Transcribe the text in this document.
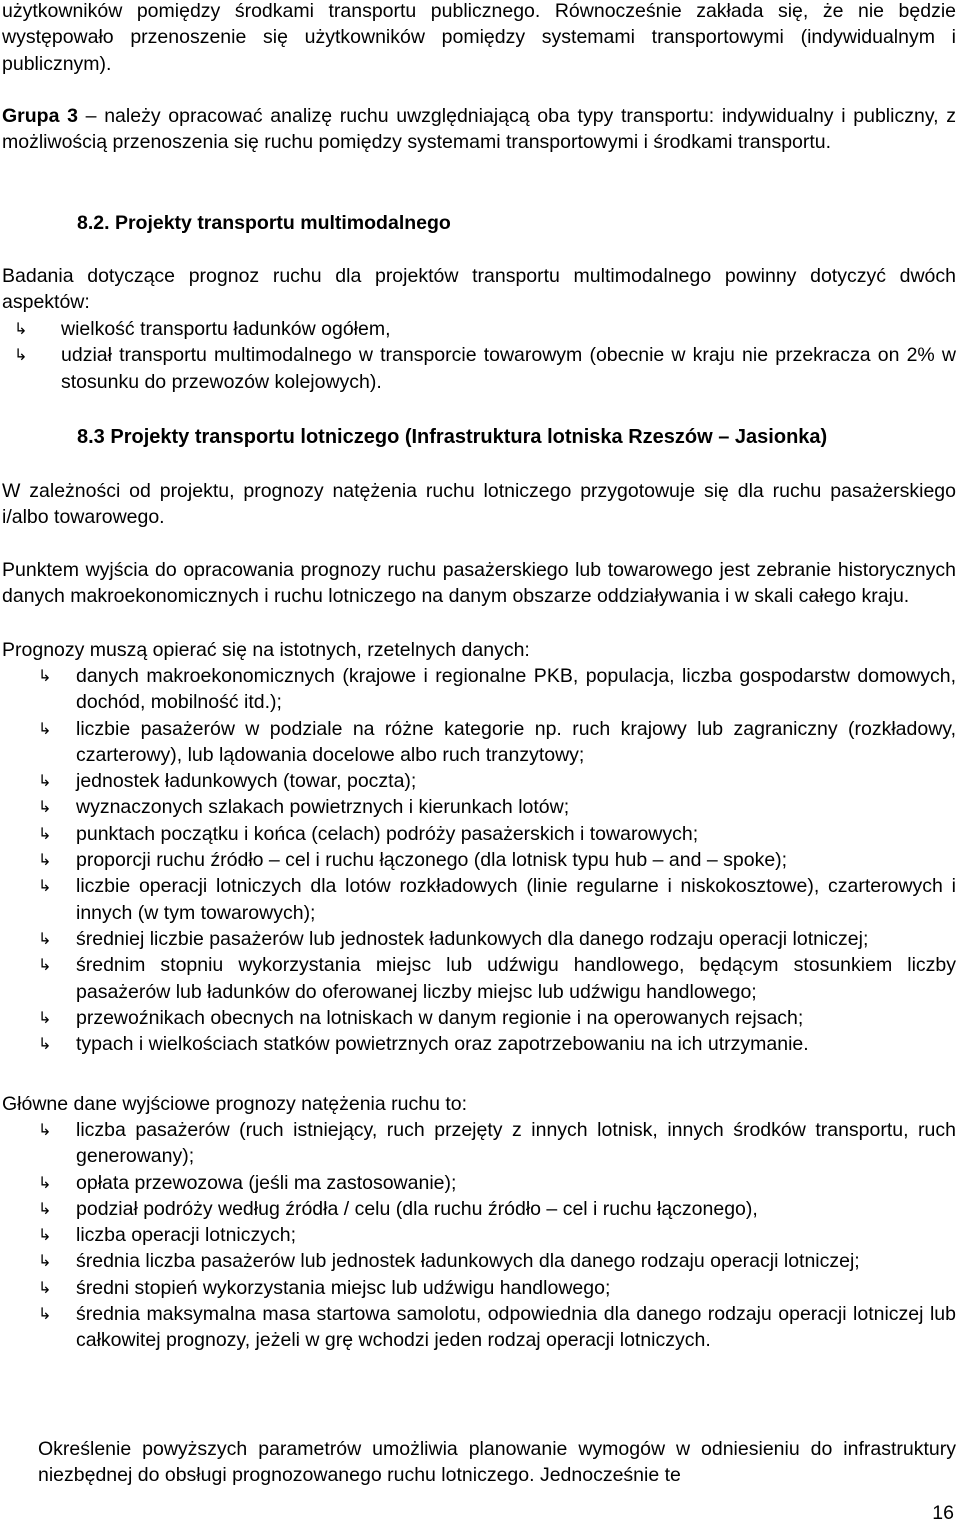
użytkowników pomiędzy środkami transportu publicznego. Równocześnie zakłada się, że nie będzie występowało przenoszenie się użytkowników pomiędzy systemami transportowymi (indywidualnym i publicznym).

Grupa 3 – należy opracować analizę ruchu uwzględniającą oba typy transportu: indywidualny i publiczny, z możliwością przenoszenia się ruchu pomiędzy systemami transportowymi i środkami transportu.

8.2. Projekty transportu multimodalnego

Badania dotyczące prognoz ruchu dla projektów transportu multimodalnego powinny dotyczyć dwóch aspektów:

↳ wielkość transportu ładunków ogółem,
↳ udział transportu multimodalnego w transporcie towarowym (obecnie w kraju nie przekracza on 2% w stosunku do przewozów kolejowych).
8.3 Projekty transportu lotniczego (Infrastruktura lotniska Rzeszów – Jasionka)

W zależności od projektu, prognozy natężenia ruchu lotniczego przygotowuje się dla ruchu pasażerskiego i/albo towarowego.

Punktem wyjścia do opracowania prognozy ruchu pasażerskiego lub towarowego jest zebranie historycznych danych makroekonomicznych i ruchu lotniczego na danym obszarze oddziaływania i w skali całego kraju.

Prognozy muszą opierać się na istotnych, rzetelnych danych:

↳ danych makroekonomicznych (krajowe i regionalne PKB, populacja, liczba gospodarstw domowych, dochód, mobilność itd.);
↳ liczbie pasażerów w podziale na różne kategorie np. ruch krajowy lub zagraniczny (rozkładowy, czarterowy), lub lądowania docelowe albo ruch tranzytowy;
↳ jednostek ładunkowych (towar, poczta);
↳ wyznaczonych szlakach powietrznych i kierunkach lotów;
↳ punktach początku i końca (celach) podróży pasażerskich i towarowych;
↳ proporcji ruchu źródło – cel i ruchu łączonego (dla lotnisk typu hub – and – spoke);
↳ liczbie operacji lotniczych dla lotów rozkładowych (linie regularne i niskokosztowe), czarterowych i innych (w tym towarowych);
↳ średniej liczbie pasażerów lub jednostek ładunkowych dla danego rodzaju operacji lotniczej;
↳ średnim stopniu wykorzystania miejsc lub udźwigu handlowego, będącym stosunkiem liczby pasażerów lub ładunków do oferowanej liczby miejsc lub udźwigu handlowego;
↳ przewoźnikach obecnych na lotniskach w danym regionie i na operowanych rejsach;
↳ typach i wielkościach statków powietrznych oraz zapotrzebowaniu na ich utrzymanie.

Główne dane wyjściowe prognozy natężenia ruchu to:

↳ liczba pasażerów (ruch istniejący, ruch przejęty z innych lotnisk, innych środków transportu, ruch generowany);
↳ opłata przewozowa (jeśli ma zastosowanie);
↳ podział podróży według źródła / celu (dla ruchu źródło – cel i ruchu łączonego),
↳ liczba operacji lotniczych;
↳ średnia liczba pasażerów lub jednostek ładunkowych dla danego rodzaju operacji lotniczej;
↳ średni stopień wykorzystania miejsc lub udźwigu handlowego;
↳ średnia maksymalna masa startowa samolotu, odpowiednia dla danego rodzaju operacji lotniczej lub całkowitej prognozy, jeżeli w grę wchodzi jeden rodzaj operacji lotniczych.

Określenie powyższych parametrów umożliwia planowanie wymogów w odniesieniu do infrastruktury niezbędnej do obsługi prognozowanego ruchu lotniczego. Jednocześnie te

16
